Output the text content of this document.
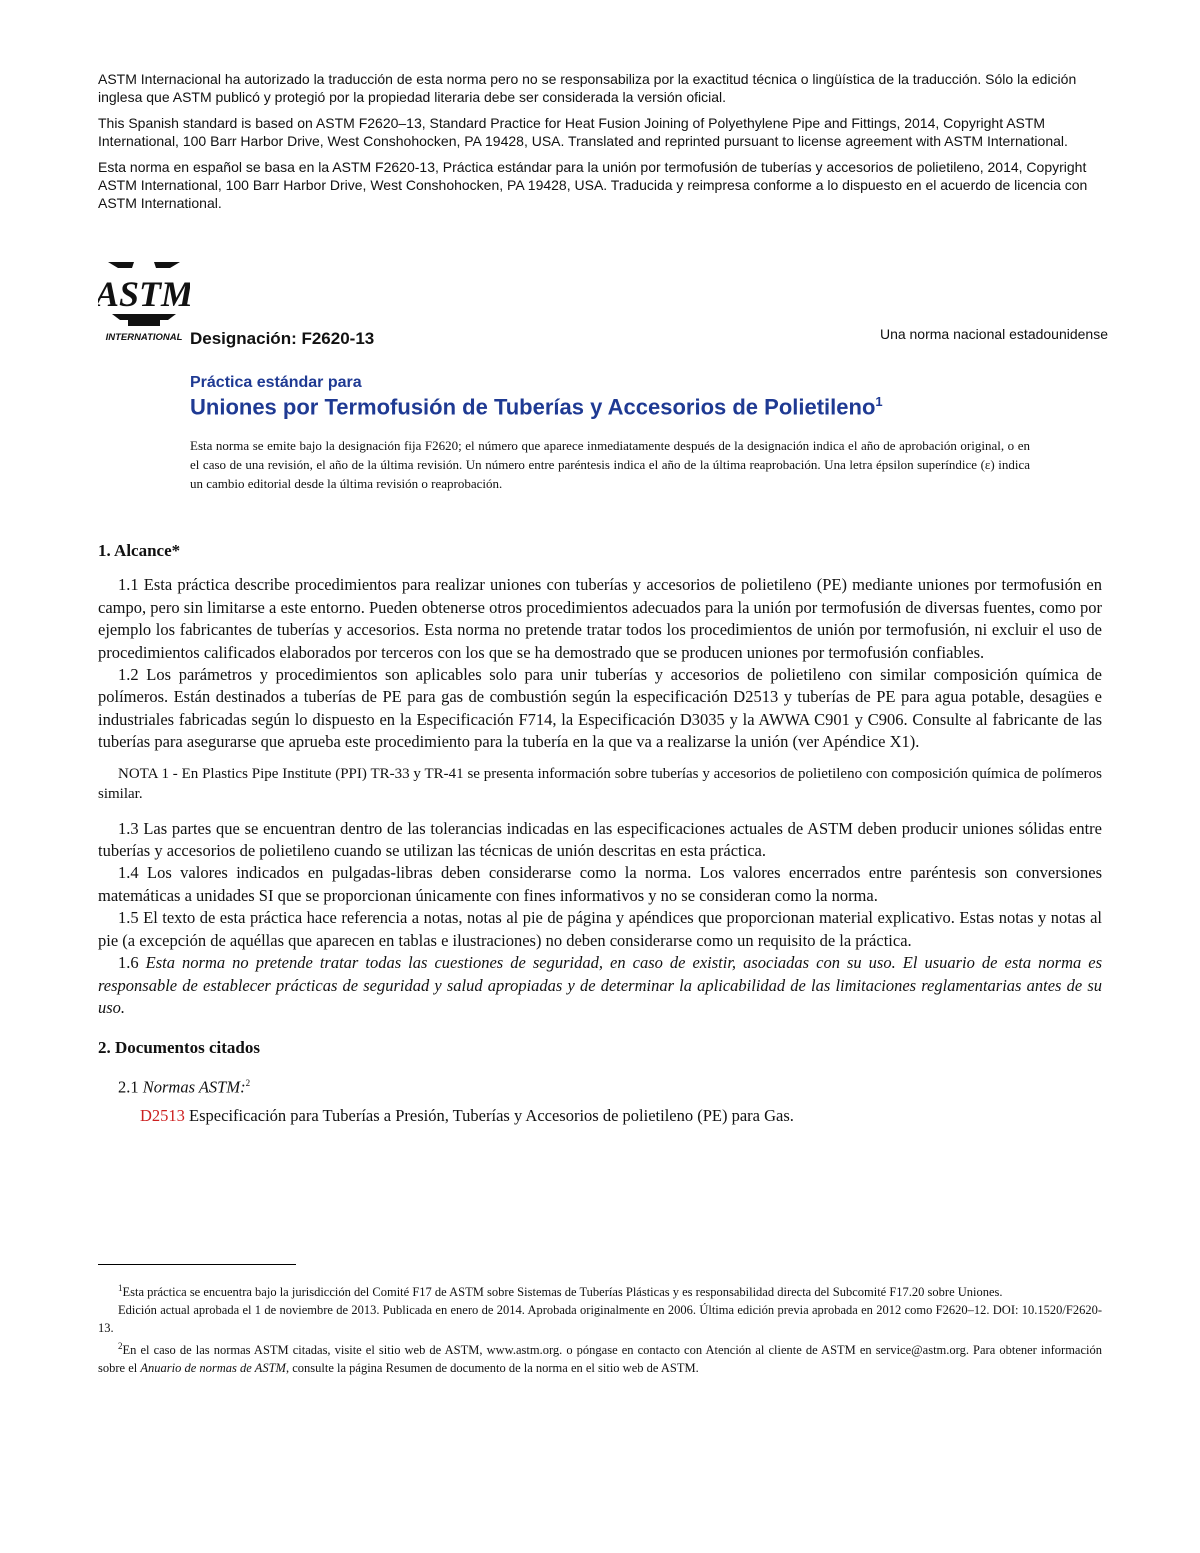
ASTM Internacional ha autorizado la traducción de esta norma pero no se responsabiliza por la exactitud técnica o lingüística de la traducción. Sólo la edición inglesa que ASTM publicó y protegió por la propiedad literaria debe ser considerada la versión oficial.

This Spanish standard is based on ASTM F2620–13, Standard Practice for Heat Fusion Joining of Polyethylene Pipe and Fittings, 2014, Copyright ASTM International, 100 Barr Harbor Drive, West Conshohocken, PA 19428, USA. Translated and reprinted pursuant to license agreement with ASTM International.

Esta norma en español se basa en la ASTM F2620-13, Práctica estándar para la unión por termofusión de tuberías y accesorios de polietileno, 2014, Copyright ASTM International, 100 Barr Harbor Drive, West Conshohocken, PA 19428, USA. Traducida y reimpresa conforme a lo dispuesto en el acuerdo de licencia con ASTM International.

ASTM
INTERNATIONAL Designación: F2620-13	Una norma nacional estadounidense
Práctica estándar para
Uniones por Termofusión de Tuberías y Accesorios de Polietileno$^1$
Esta norma se emite bajo la designación fija F2620; el número que aparece inmediatamente después de la designación indica el año de aprobación original, o en el caso de una revisión, el año de la última revisión. Un número entre paréntesis indica el año de la última reaprobación. Una letra épsilon superíndice (ε) indica un cambio editorial desde la última revisión o reaprobación.
1. Alcance*

1.1 Esta práctica describe procedimientos para realizar uniones con tuberías y accesorios de polietileno (PE) mediante uniones por termofusión en campo, pero sin limitarse a este entorno. Pueden obtenerse otros procedimientos adecuados para la unión por termofusión de diversas fuentes, como por ejemplo los fabricantes de tuberías y accesorios. Esta norma no pretende tratar todos los procedimientos de unión por termofusión, ni excluir el uso de procedimientos calificados elaborados por terceros con los que se ha demostrado que se producen uniones por termofusión confiables.

1.2 Los parámetros y procedimientos son aplicables solo para unir tuberías y accesorios de polietileno con similar composición química de polímeros. Están destinados a tuberías de PE para gas de combustión según la especificación D2513 y tuberías de PE para agua potable, desagües e industriales fabricadas según lo dispuesto en la Especificación F714, la Especificación D3035 y la AWWA C901 y C906. Consulte al fabricante de las tuberías para asegurarse que aprueba este procedimiento para la tubería en la que va a realizarse la unión (ver Apéndice X1).

NOTA 1 - En Plastics Pipe Institute (PPI) TR-33 y TR-41 se presenta información sobre tuberías y accesorios de polietileno con composición química de polímeros similar.

1.3 Las partes que se encuentran dentro de las tolerancias indicadas en las especificaciones actuales de ASTM deben producir uniones sólidas entre tuberías y accesorios de polietileno cuando se utilizan las técnicas de unión descritas en esta práctica.

1.4 Los valores indicados en pulgadas-libras deben considerarse como la norma. Los valores encerrados entre paréntesis son conversiones matemáticas a unidades SI que se proporcionan únicamente con fines informativos y no se consideran como la norma.

1.5 El texto de esta práctica hace referencia a notas, notas al pie de página y apéndices que proporcionan material explicativo. Estas notas y notas al pie (a excepción de aquéllas que aparecen en tablas e ilustraciones) no deben considerarse como un requisito de la práctica.

1.6 Esta norma no pretende tratar todas las cuestiones de seguridad, en caso de existir, asociadas con su uso. El usuario de esta norma es responsable de establecer prácticas de seguridad y salud apropiadas y de determinar la aplicabilidad de las limitaciones reglamentarias antes de su uso.

2. Documentos citados

2.1 Normas ASTM:$^2$

D2513 Especificación para Tuberías a Presión, Tuberías y Accesorios de polietileno (PE) para Gas.

$^1$Esta práctica se encuentra bajo la jurisdicción del Comité F17 de ASTM sobre Sistemas de Tuberías Plásticas y es responsabilidad directa del Subcomité F17.20 sobre Uniones.

Edición actual aprobada el 1 de noviembre de 2013. Publicada en enero de 2014. Aprobada originalmente en 2006. Última edición previa aprobada en 2012 como F2620–12. DOI: 10.1520/F2620-13.

$^2$En el caso de las normas ASTM citadas, visite el sitio web de ASTM, www.astm.org. o póngase en contacto con Atención al cliente de ASTM en service@astm.org. Para obtener información sobre el Anuario de normas de ASTM, consulte la página Resumen de documento de la norma en el sitio web de ASTM.
